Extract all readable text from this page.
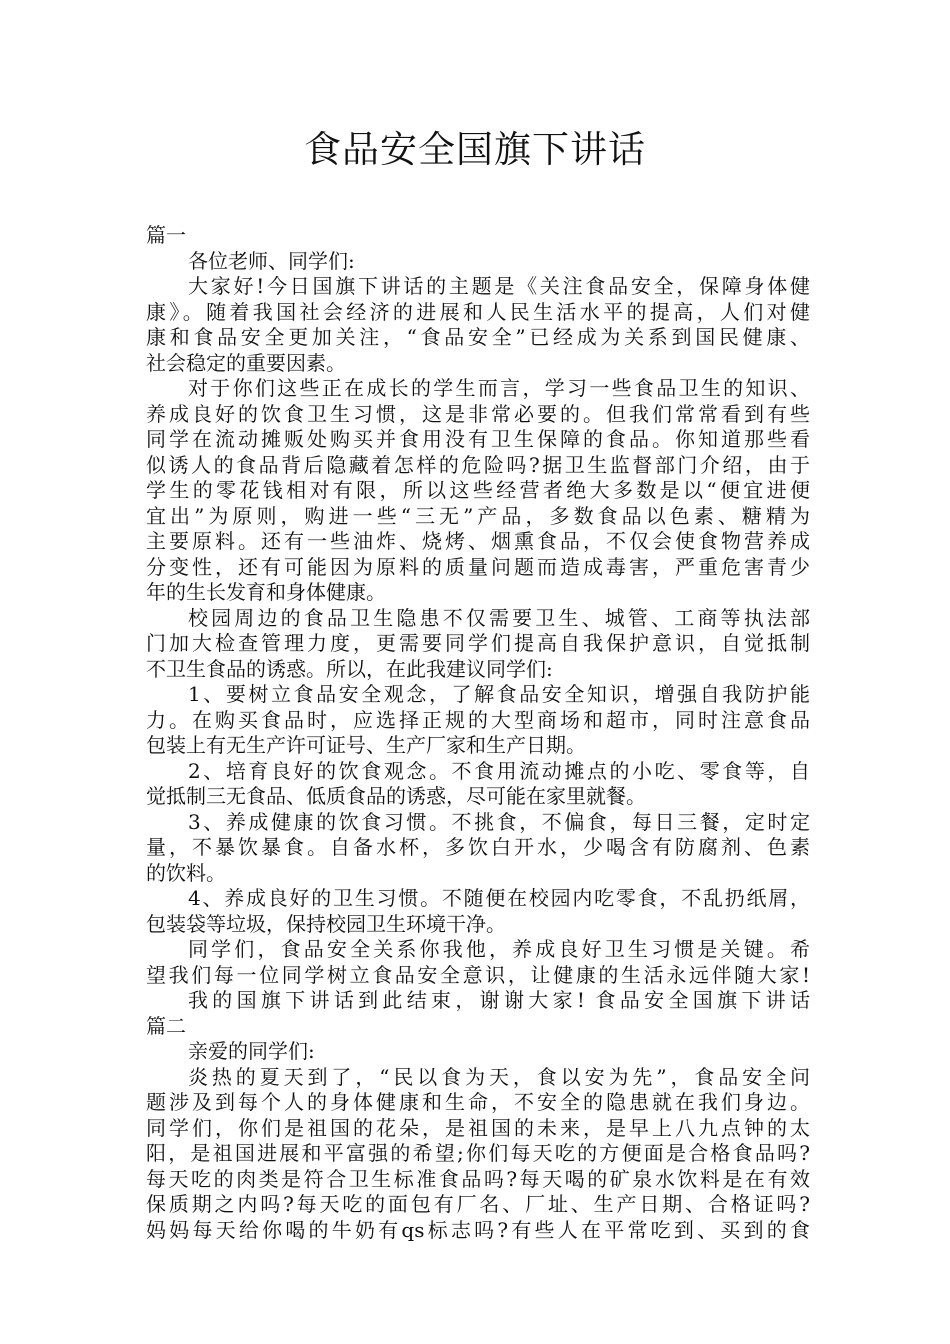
食品安全国旗下讲话
篇一
各位老师、同学们:
大家好!今日国旗下讲话的主题是《关注食品安全，保障身体健
康》。随着我国社会经济的进展和人民生活水平的提高，人们对健
康和食品安全更加关注，“食品安全”已经成为关系到国民健康、
社会稳定的重要因素。
对于你们这些正在成长的学生而言，学习一些食品卫生的知识、
养成良好的饮食卫生习惯，这是非常必要的。但我们常常看到有些
同学在流动摊贩处购买并食用没有卫生保障的食品。你知道那些看
似诱人的食品背后隐藏着怎样的危险吗?据卫生监督部门介绍，由于
学生的零花钱相对有限，所以这些经营者绝大多数是以“便宜进便
宜出”为原则，购进一些“三无”产品，多数食品以色素、糖精为
主要原料。还有一些油炸、烧烤、烟熏食品，不仅会使食物营养成
分变性，还有可能因为原料的质量问题而造成毒害，严重危害青少
年的生长发育和身体健康。
校园周边的食品卫生隐患不仅需要卫生、城管、工商等执法部
门加大检查管理力度，更需要同学们提高自我保护意识，自觉抵制
不卫生食品的诱惑。所以，在此我建议同学们:
1、要树立食品安全观念，了解食品安全知识，增强自我防护能
力。在购买食品时，应选择正规的大型商场和超市，同时注意食品
包装上有无生产许可证号、生产厂家和生产日期。
2、培育良好的饮食观念。不食用流动摊点的小吃、零食等，自
觉抵制三无食品、低质食品的诱惑，尽可能在家里就餐。
3、养成健康的饮食习惯。不挑食，不偏食，每日三餐，定时定
量，不暴饮暴食。自备水杯，多饮白开水，少喝含有防腐剂、色素
的饮料。
4、养成良好的卫生习惯。不随便在校园内吃零食，不乱扔纸屑，
包装袋等垃圾，保持校园卫生环境干净。
同学们，食品安全关系你我他，养成良好卫生习惯是关键。希
望我们每一位同学树立食品安全意识，让健康的生活永远伴随大家!
我的国旗下讲话到此结束，谢谢大家! 食品安全国旗下讲话
篇二
亲爱的同学们:
炎热的夏天到了，“民以食为天，食以安为先”，食品安全问
题涉及到每个人的身体健康和生命，不安全的隐患就在我们身边。
同学们，你们是祖国的花朵，是祖国的未来，是早上八九点钟的太
阳，是祖国进展和平富强的希望;你们每天吃的方便面是合格食品吗?
每天吃的肉类是符合卫生标准食品吗?每天喝的矿泉水饮料是在有效
保质期之内吗?每天吃的面包有厂名、厂址、生产日期、合格证吗?
妈妈每天给你喝的牛奶有qs标志吗?有些人在平常吃到、买到的食
